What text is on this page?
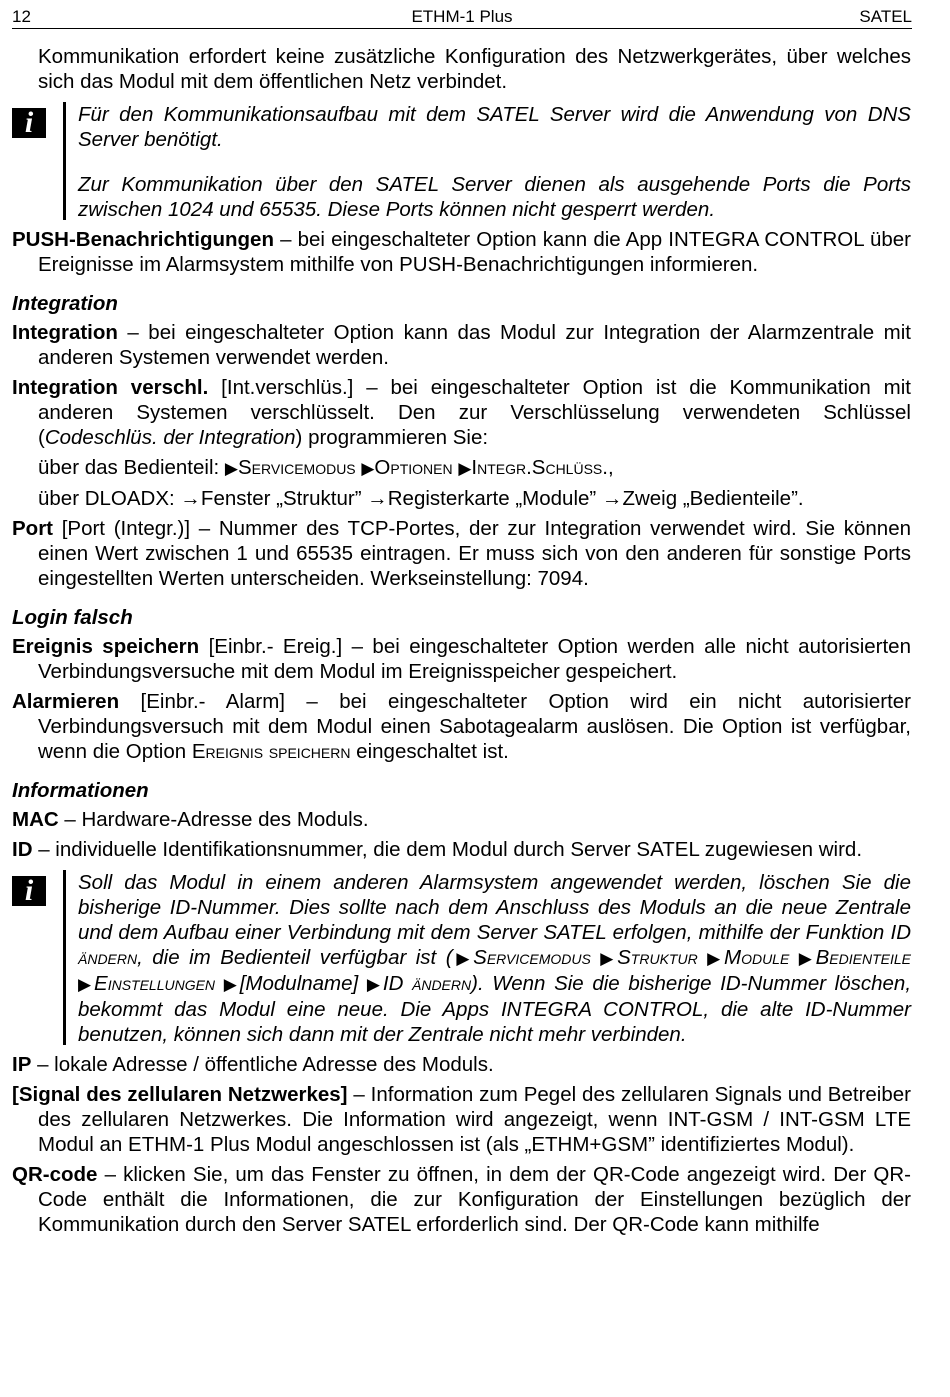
12	ETHM-1 Plus	SATEL

Kommunikation erfordert keine zusätzliche Konfiguration des Netzwerkgerätes, über welches sich das Modul mit dem öffentlichen Netz verbindet.

i	Für den Kommunikationsaufbau mit dem SATEL Server wird die Anwendung von DNS Server benötigt.

Zur Kommunikation über den SATEL Server dienen als ausgehende Ports die Ports zwischen 1024 und 65535. Diese Ports können nicht gesperrt werden.

PUSH-Benachrichtigungen – bei eingeschalteter Option kann die App INTEGRA CONTROL über Ereignisse im Alarmsystem mithilfe von PUSH-Benachrichtigungen informieren.

Integration

Integration – bei eingeschalteter Option kann das Modul zur Integration der Alarmzentrale mit anderen Systemen verwendet werden.

Integration verschl. [Int.verschlüs.] – bei eingeschalteter Option ist die Kommunikation mit anderen Systemen verschlüsselt. Den zur Verschlüsselung verwendeten Schlüssel (Codeschlüs. der Integration) programmieren Sie:

über das Bedienteil: ▶Servicemodus ▶Optionen ▶Integr.Schlüss.,

über DLOADX: →Fenster „Struktur” →Registerkarte „Module” →Zweig „Bedienteile”.

Port [Port (Integr.)] – Nummer des TCP-Portes, der zur Integration verwendet wird. Sie können einen Wert zwischen 1 und 65535 eintragen. Er muss sich von den anderen für sonstige Ports eingestellten Werten unterscheiden. Werkseinstellung: 7094.

Login falsch

Ereignis speichern [Einbr.- Ereig.] – bei eingeschalteter Option werden alle nicht autorisierten Verbindungsversuche mit dem Modul im Ereignisspeicher gespeichert.

Alarmieren [Einbr.- Alarm] – bei eingeschalteter Option wird ein nicht autorisierter Verbindungsversuch mit dem Modul einen Sabotagealarm auslösen. Die Option ist verfügbar, wenn die Option Ereignis speichern eingeschaltet ist.

Informationen

MAC – Hardware-Adresse des Moduls.

ID – individuelle Identifikationsnummer, die dem Modul durch Server SATEL zugewiesen wird.

i	Soll das Modul in einem anderen Alarmsystem angewendet werden, löschen Sie die bisherige ID-Nummer. Dies sollte nach dem Anschluss des Moduls an die neue Zentrale und dem Aufbau einer Verbindung mit dem Server SATEL erfolgen, mithilfe der Funktion ID ändern, die im Bedienteil verfügbar ist (▶Servicemodus ▶Struktur ▶Module ▶Bedienteile ▶Einstellungen ▶[Modulname] ▶ID ändern). Wenn Sie die bisherige ID-Nummer löschen, bekommt das Modul eine neue. Die Apps INTEGRA CONTROL, die alte ID-Nummer benutzen, können sich dann mit der Zentrale nicht mehr verbinden.

IP – lokale Adresse / öffentliche Adresse des Moduls.

[Signal des zellularen Netzwerkes] – Information zum Pegel des zellularen Signals und Betreiber des zellularen Netzwerkes. Die Information wird angezeigt, wenn INT-GSM / INT-GSM LTE Modul an ETHM-1 Plus Modul angeschlossen ist (als „ETHM+GSM” identifiziertes Modul).

QR-code – klicken Sie, um das Fenster zu öffnen, in dem der QR-Code angezeigt wird. Der QR-Code enthält die Informationen, die zur Konfiguration der Einstellungen bezüglich der Kommunikation durch den Server SATEL erforderlich sind. Der QR-Code kann mithilfe
